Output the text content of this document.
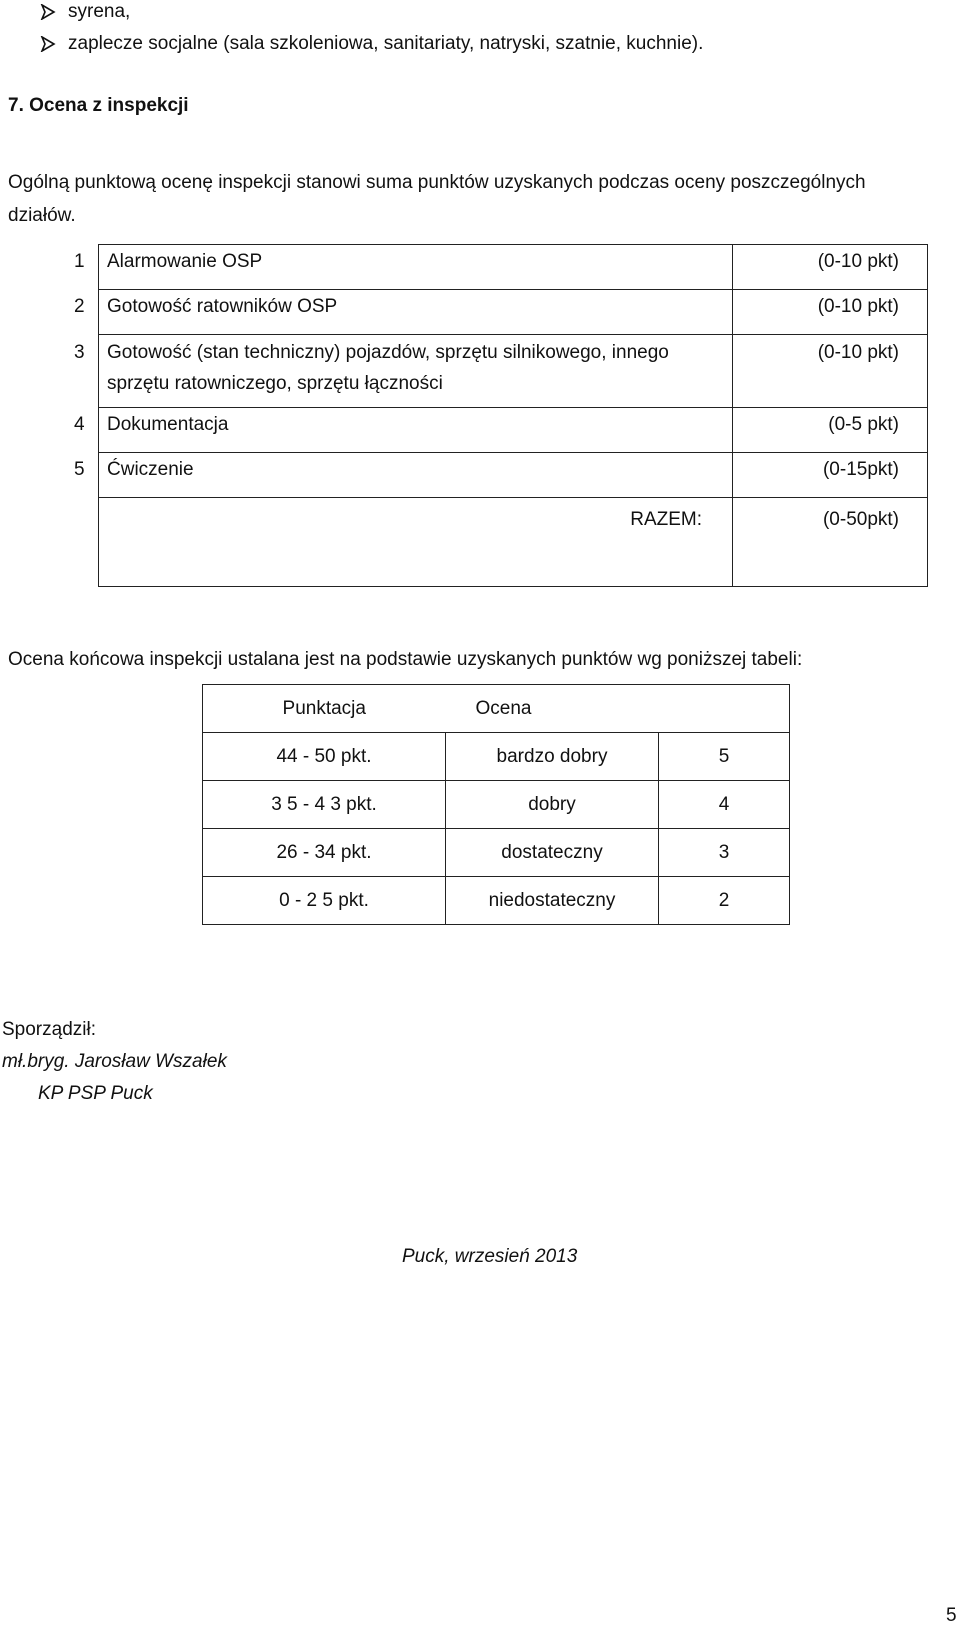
syrena,
zaplecze socjalne (sala szkoleniowa, sanitariaty, natryski, szatnie, kuchnie).
7. Ocena z inspekcji
Ogólną punktową ocenę inspekcji stanowi suma punktów uzyskanych podczas oceny poszczególnych
działów.
1	Alarmowanie OSP	(0-10 pkt)
2	Gotowość ratowników OSP	(0-10 pkt)
3	Gotowość (stan techniczny) pojazdów, sprzętu silnikowego, innego
sprzętu ratowniczego, sprzętu łączności	(0-10 pkt)
4	Dokumentacja	(0-5 pkt)
5	Ćwiczenie	(0-15pkt)
	RAZEM:	(0-50pkt)
Ocena końcowa inspekcji ustalana jest na podstawie uzyskanych punktów wg poniższej tabeli:
Punktacja	Ocena	
44 - 50 pkt.	bardzo dobry	5
3 5 - 4 3 pkt.	dobry	4
26 - 34 pkt.	dostateczny	3
0 - 2 5 pkt.	niedostateczny	2
Sporządził:
mł.bryg. Jarosław Wszałek
KP PSP Puck
Puck, wrzesień 2013
5
